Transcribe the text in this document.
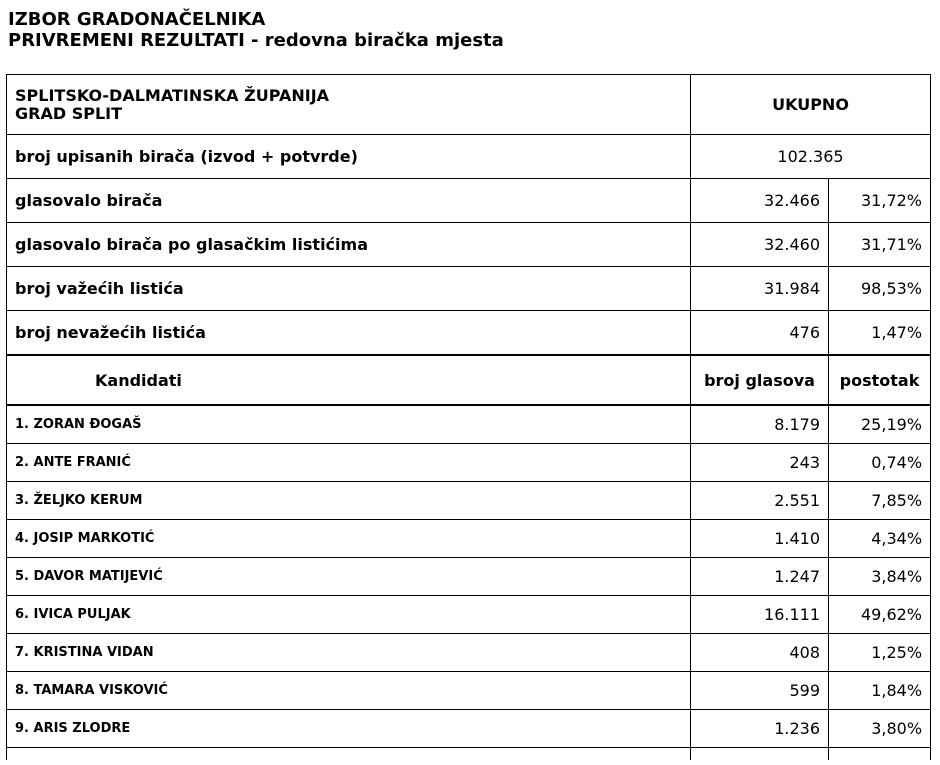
IZBOR GRADONAČELNIKA
PRIVREMENI REZULTATI - redovna biračka mjesta
SPLITSKO-DALMATINSKA ŽUPANIJA
GRAD SPLIT	UKUPNO	
broj upisanih birača (izvod + potvrde)	102.365	
glasovalo birača	32.466	31,72%
glasovalo birača po glasačkim listićima	32.460	31,71%
broj važećih listića	31.984	98,53%
broj nevažećih listića	476	1,47%
Kandidati	broj glasova	postotak
1. ZORAN ĐOGAŠ	8.179	25,19%
2. ANTE FRANIĆ	243	0,74%
3. ŽELJKO KERUM	2.551	7,85%
4. JOSIP MARKOTIĆ	1.410	4,34%
5. DAVOR MATIJEVIĆ	1.247	3,84%
6. IVICA PULJAK	16.111	49,62%
7. KRISTINA VIDAN	408	1,25%
8. TAMARA VISKOVIĆ	599	1,84%
9. ARIS ZLODRE	1.236	3,80%
